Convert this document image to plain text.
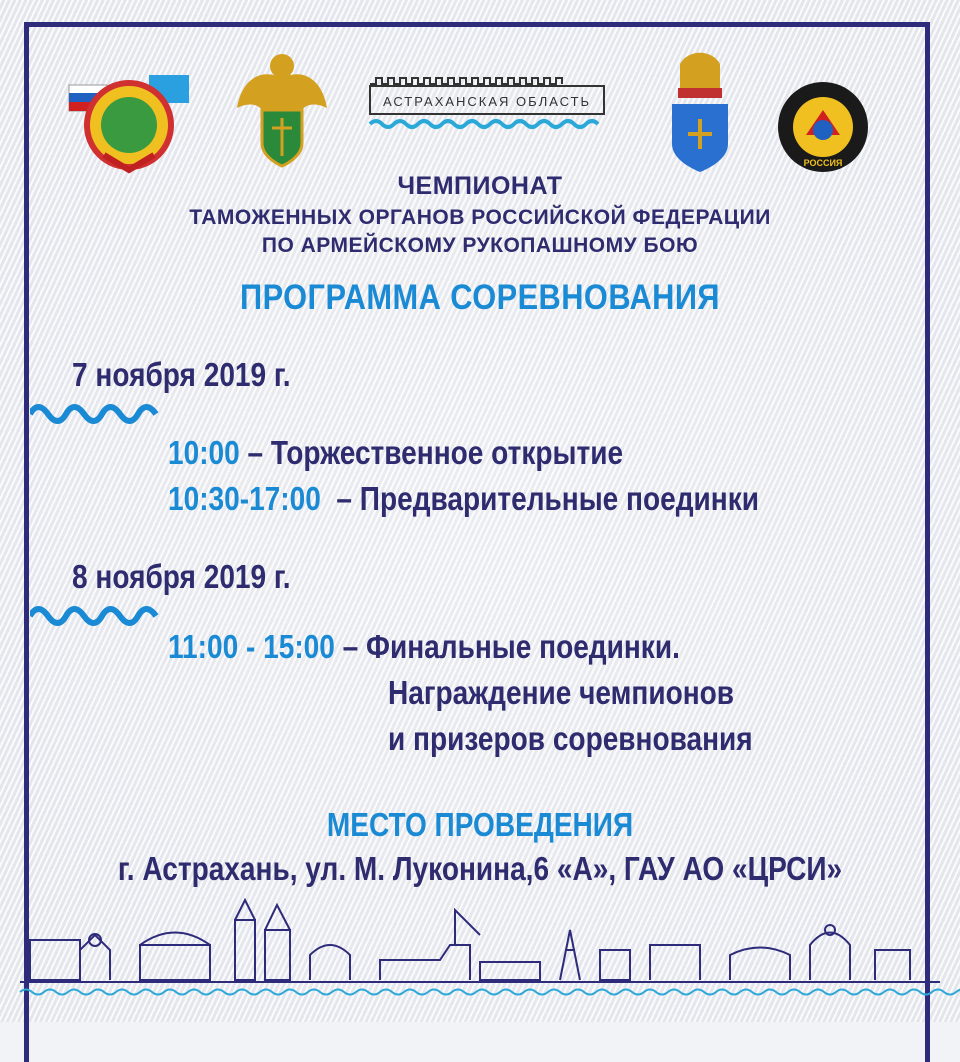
АСТРАХАНСКАЯ ОБЛАСТЬ
РОССИЯ
ЧЕМПИОНАТ
ТАМОЖЕННЫХ ОРГАНОВ РОССИЙСКОЙ ФЕДЕРАЦИИ
ПО АРМЕЙСКОМУ РУКОПАШНОМУ БОЮ
ПРОГРАММА СОРЕВНОВАНИЯ
7 ноября 2019 г.
10:00 – Торжественное открытие
10:30-17:00  – Предварительные поединки
8 ноября 2019 г.
11:00 - 15:00 – Финальные поединки.
Награждение чемпионов
и призеров соревнования
МЕСТО ПРОВЕДЕНИЯ
г. Астрахань, ул. М. Луконина,6 «А», ГАУ АО «ЦРСИ»
